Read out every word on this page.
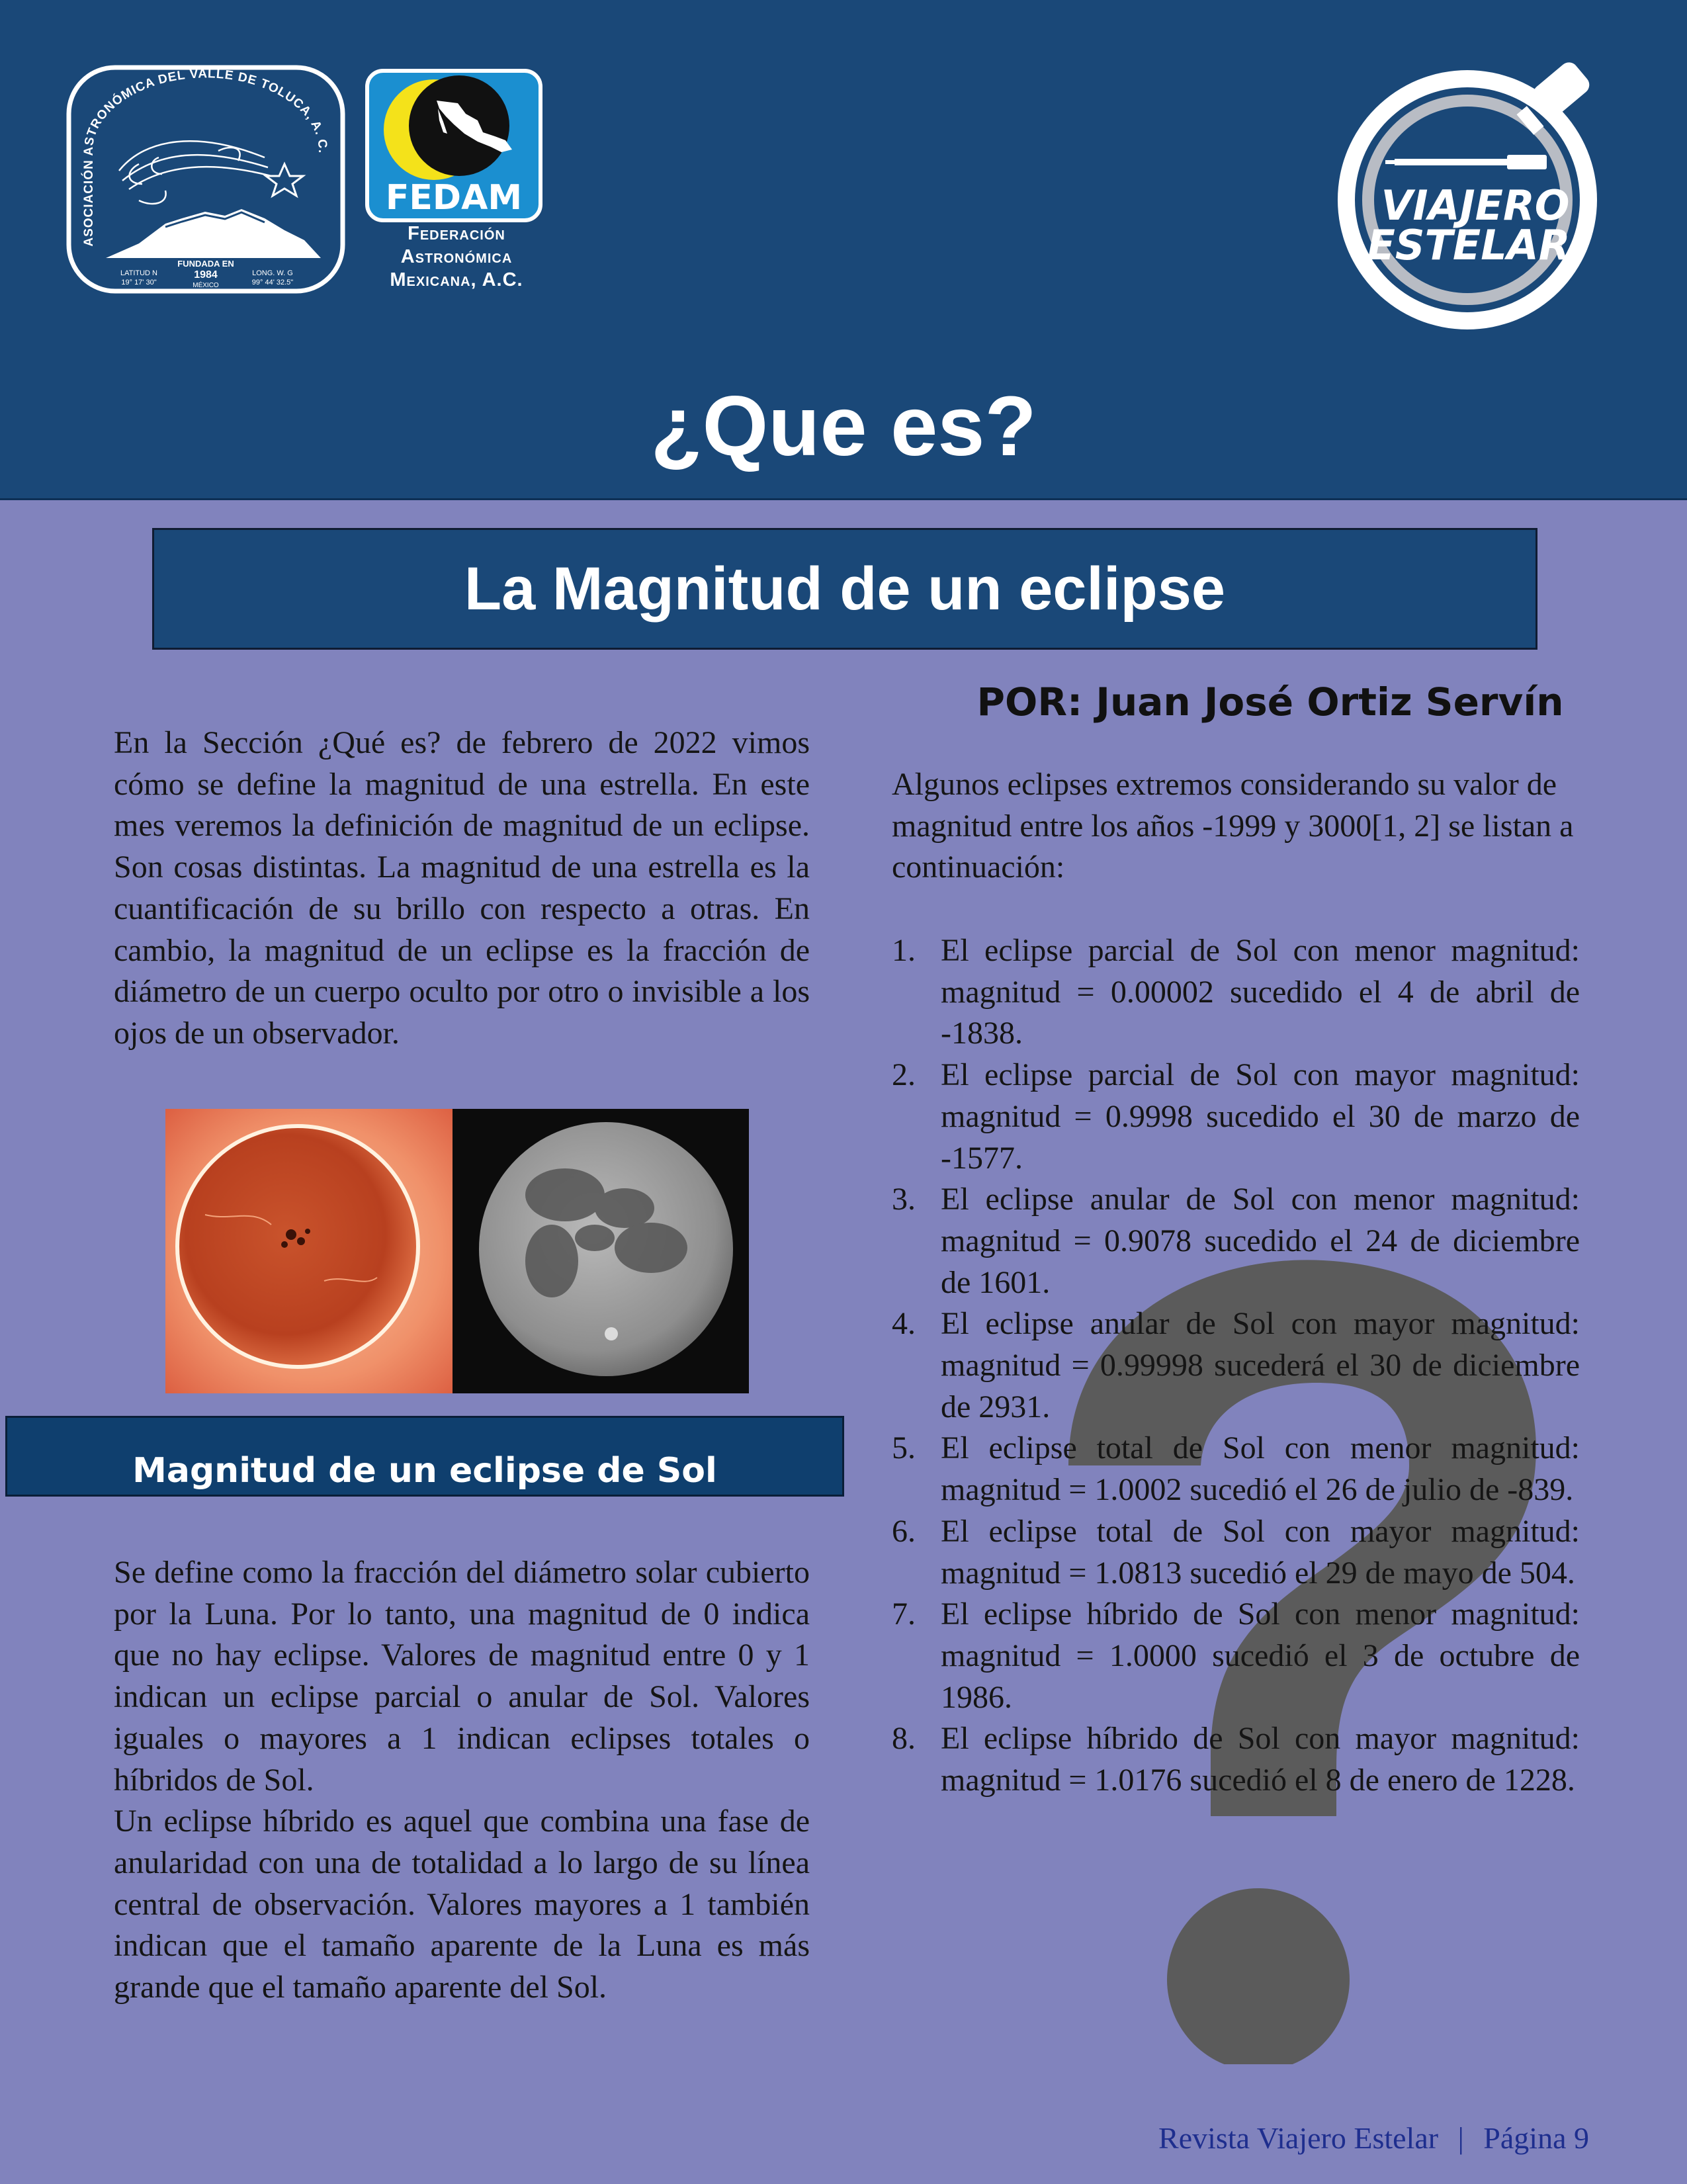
ASOCIACIÓN ASTRONÓMICA DEL VALLE DE TOLUCA, A. C.
FUNDADA EN
1984
MÉXICO
LATITUD N
19° 17' 30"
LONG. W. G
99° 44' 32.5"
FEDAM
Federación
Astronómica
Mexicana, A.C.
VIAJERO
ESTELAR
¿Que es?
La Magnitud de un eclipse
POR: Juan José Ortiz Servín
En la Sección ¿Qué es? de febrero de 2022 vimos cómo se define la magnitud de una estrella. En este mes veremos la definición de magnitud de un eclipse. Son cosas distintas. La magnitud de una estrella es la cuantificación de su brillo con respecto a otras. En cambio, la magnitud de un eclipse es la fracción de diámetro de un cuerpo oculto por otro o invisible a los ojos de un observador.
Magnitud de un eclipse de Sol
Se define como la fracción del diámetro solar cubierto por la Luna. Por lo tanto, una magnitud de 0 indica que no hay eclipse. Valores de magnitud entre 0 y 1 indican un eclipse parcial o anular de Sol. Valores iguales o mayores a 1 indican eclipses totales o híbridos de Sol.
Un eclipse híbrido es aquel que combina una fase de anularidad con una de totalidad a lo largo de su línea central de observación. Valores mayores a 1 también indican que el tamaño aparente de la Luna es más grande que el tamaño aparente del Sol.
Algunos eclipses extremos considerando su valor de magnitud entre los años -1999 y 3000[1, 2] se listan a continuación:
1. El eclipse parcial de Sol con menor magnitud: magnitud = 0.00002 sucedido el 4 de abril de -1838.
2. El eclipse parcial de Sol con mayor magnitud: magnitud = 0.9998 sucedido el 30 de marzo de -1577.
3. El eclipse anular de Sol con menor magnitud: magnitud = 0.9078 sucedido el 24 de diciembre de 1601.
4. El eclipse anular de Sol con mayor magnitud: magnitud = 0.99998 sucederá el 30 de diciembre de 2931.
5. El eclipse total de Sol con menor magnitud: magnitud = 1.0002 sucedió el 26 de julio de -839.
6. El eclipse total de Sol con mayor magnitud: magnitud = 1.0813 sucedió el 29 de mayo de 504.
7. El eclipse híbrido de Sol con menor magnitud: magnitud = 1.0000 sucedió el 3 de octubre de 1986.
8. El eclipse híbrido de Sol con mayor magnitud: magnitud = 1.0176 sucedió el 8 de enero de 1228.
Revista Viajero Estelar | Página 9
